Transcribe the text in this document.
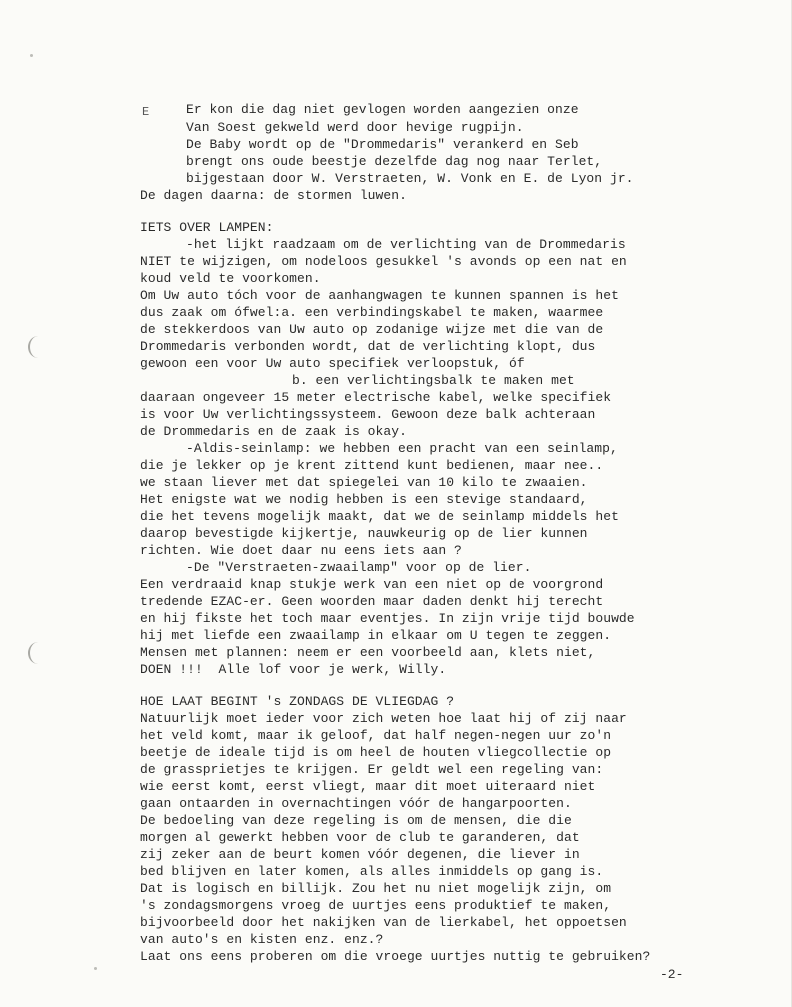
E	Er kon die dag niet gevlogen worden aangezien onze
Van Soest gekweld werd door hevige rugpijn.
De Baby wordt op de "Drommedaris" verankerd en Seb
brengt ons oude beestje dezelfde dag nog naar Terlet,
bijgestaan door W. Verstraeten, W. Vonk en E. de Lyon jr.
De dagen daarna: de stormen luwen.
IETS OVER LAMPEN:
-het lijkt raadzaam om de verlichting van de Drommedaris
NIET te wijzigen, om nodeloos gesukkel 's avonds op een nat en
koud veld te voorkomen.
Om Uw auto tóch voor de aanhangwagen te kunnen spannen is het
dus zaak om ófwel:a. een verbindingskabel te maken, waarmee
de stekkerdoos van Uw auto op zodanige wijze met die van de
Drommedaris verbonden wordt, dat de verlichting klopt, dus
gewoon een voor Uw auto specifiek verloopstuk, óf
b. een verlichtingsbalk te maken met
daaraan ongeveer 15 meter electrische kabel, welke specifiek
is voor Uw verlichtingssysteem. Gewoon deze balk achteraan
de Drommedaris en de zaak is okay.
-Aldis-seinlamp: we hebben een pracht van een seinlamp,
die je lekker op je krent zittend kunt bedienen, maar nee..
we staan liever met dat spiegelei van 10 kilo te zwaaien.
Het enigste wat we nodig hebben is een stevige standaard,
die het tevens mogelijk maakt, dat we de seinlamp middels het
daarop bevestigde kijkertje, nauwkeurig op de lier kunnen
richten. Wie doet daar nu eens iets aan ?
-De "Verstraeten-zwaailamp" voor op de lier.
Een verdraaid knap stukje werk van een niet op de voorgrond
tredende EZAC-er. Geen woorden maar daden denkt hij terecht
en hij fikste het toch maar eventjes. In zijn vrije tijd bouwde
hij met liefde een zwaailamp in elkaar om U tegen te zeggen.
Mensen met plannen: neem er een voorbeeld aan, klets niet,
DOEN !!!  Alle lof voor je werk, Willy.
HOE LAAT BEGINT 's ZONDAGS DE VLIEGDAG ?
Natuurlijk moet ieder voor zich weten hoe laat hij of zij naar
het veld komt, maar ik geloof, dat half negen-negen uur zo'n
beetje de ideale tijd is om heel de houten vliegcollectie op
de grassprietjes te krijgen. Er geldt wel een regeling van:
wie eerst komt, eerst vliegt, maar dit moet uiteraard niet
gaan ontaarden in overnachtingen vóór de hangarpoorten.
De bedoeling van deze regeling is om de mensen, die die
morgen al gewerkt hebben voor de club te garanderen, dat
zij zeker aan de beurt komen vóór degenen, die liever in
bed blijven en later komen, als alles inmiddels op gang is.
Dat is logisch en billijk. Zou het nu niet mogelijk zijn, om
's zondagsmorgens vroeg de uurtjes eens produktief te maken,
bijvoorbeeld door het nakijken van de lierkabel, het oppoetsen
van auto's en kisten enz. enz.?
Laat ons eens proberen om die vroege uurtjes nuttig te gebruiken?
-2-
